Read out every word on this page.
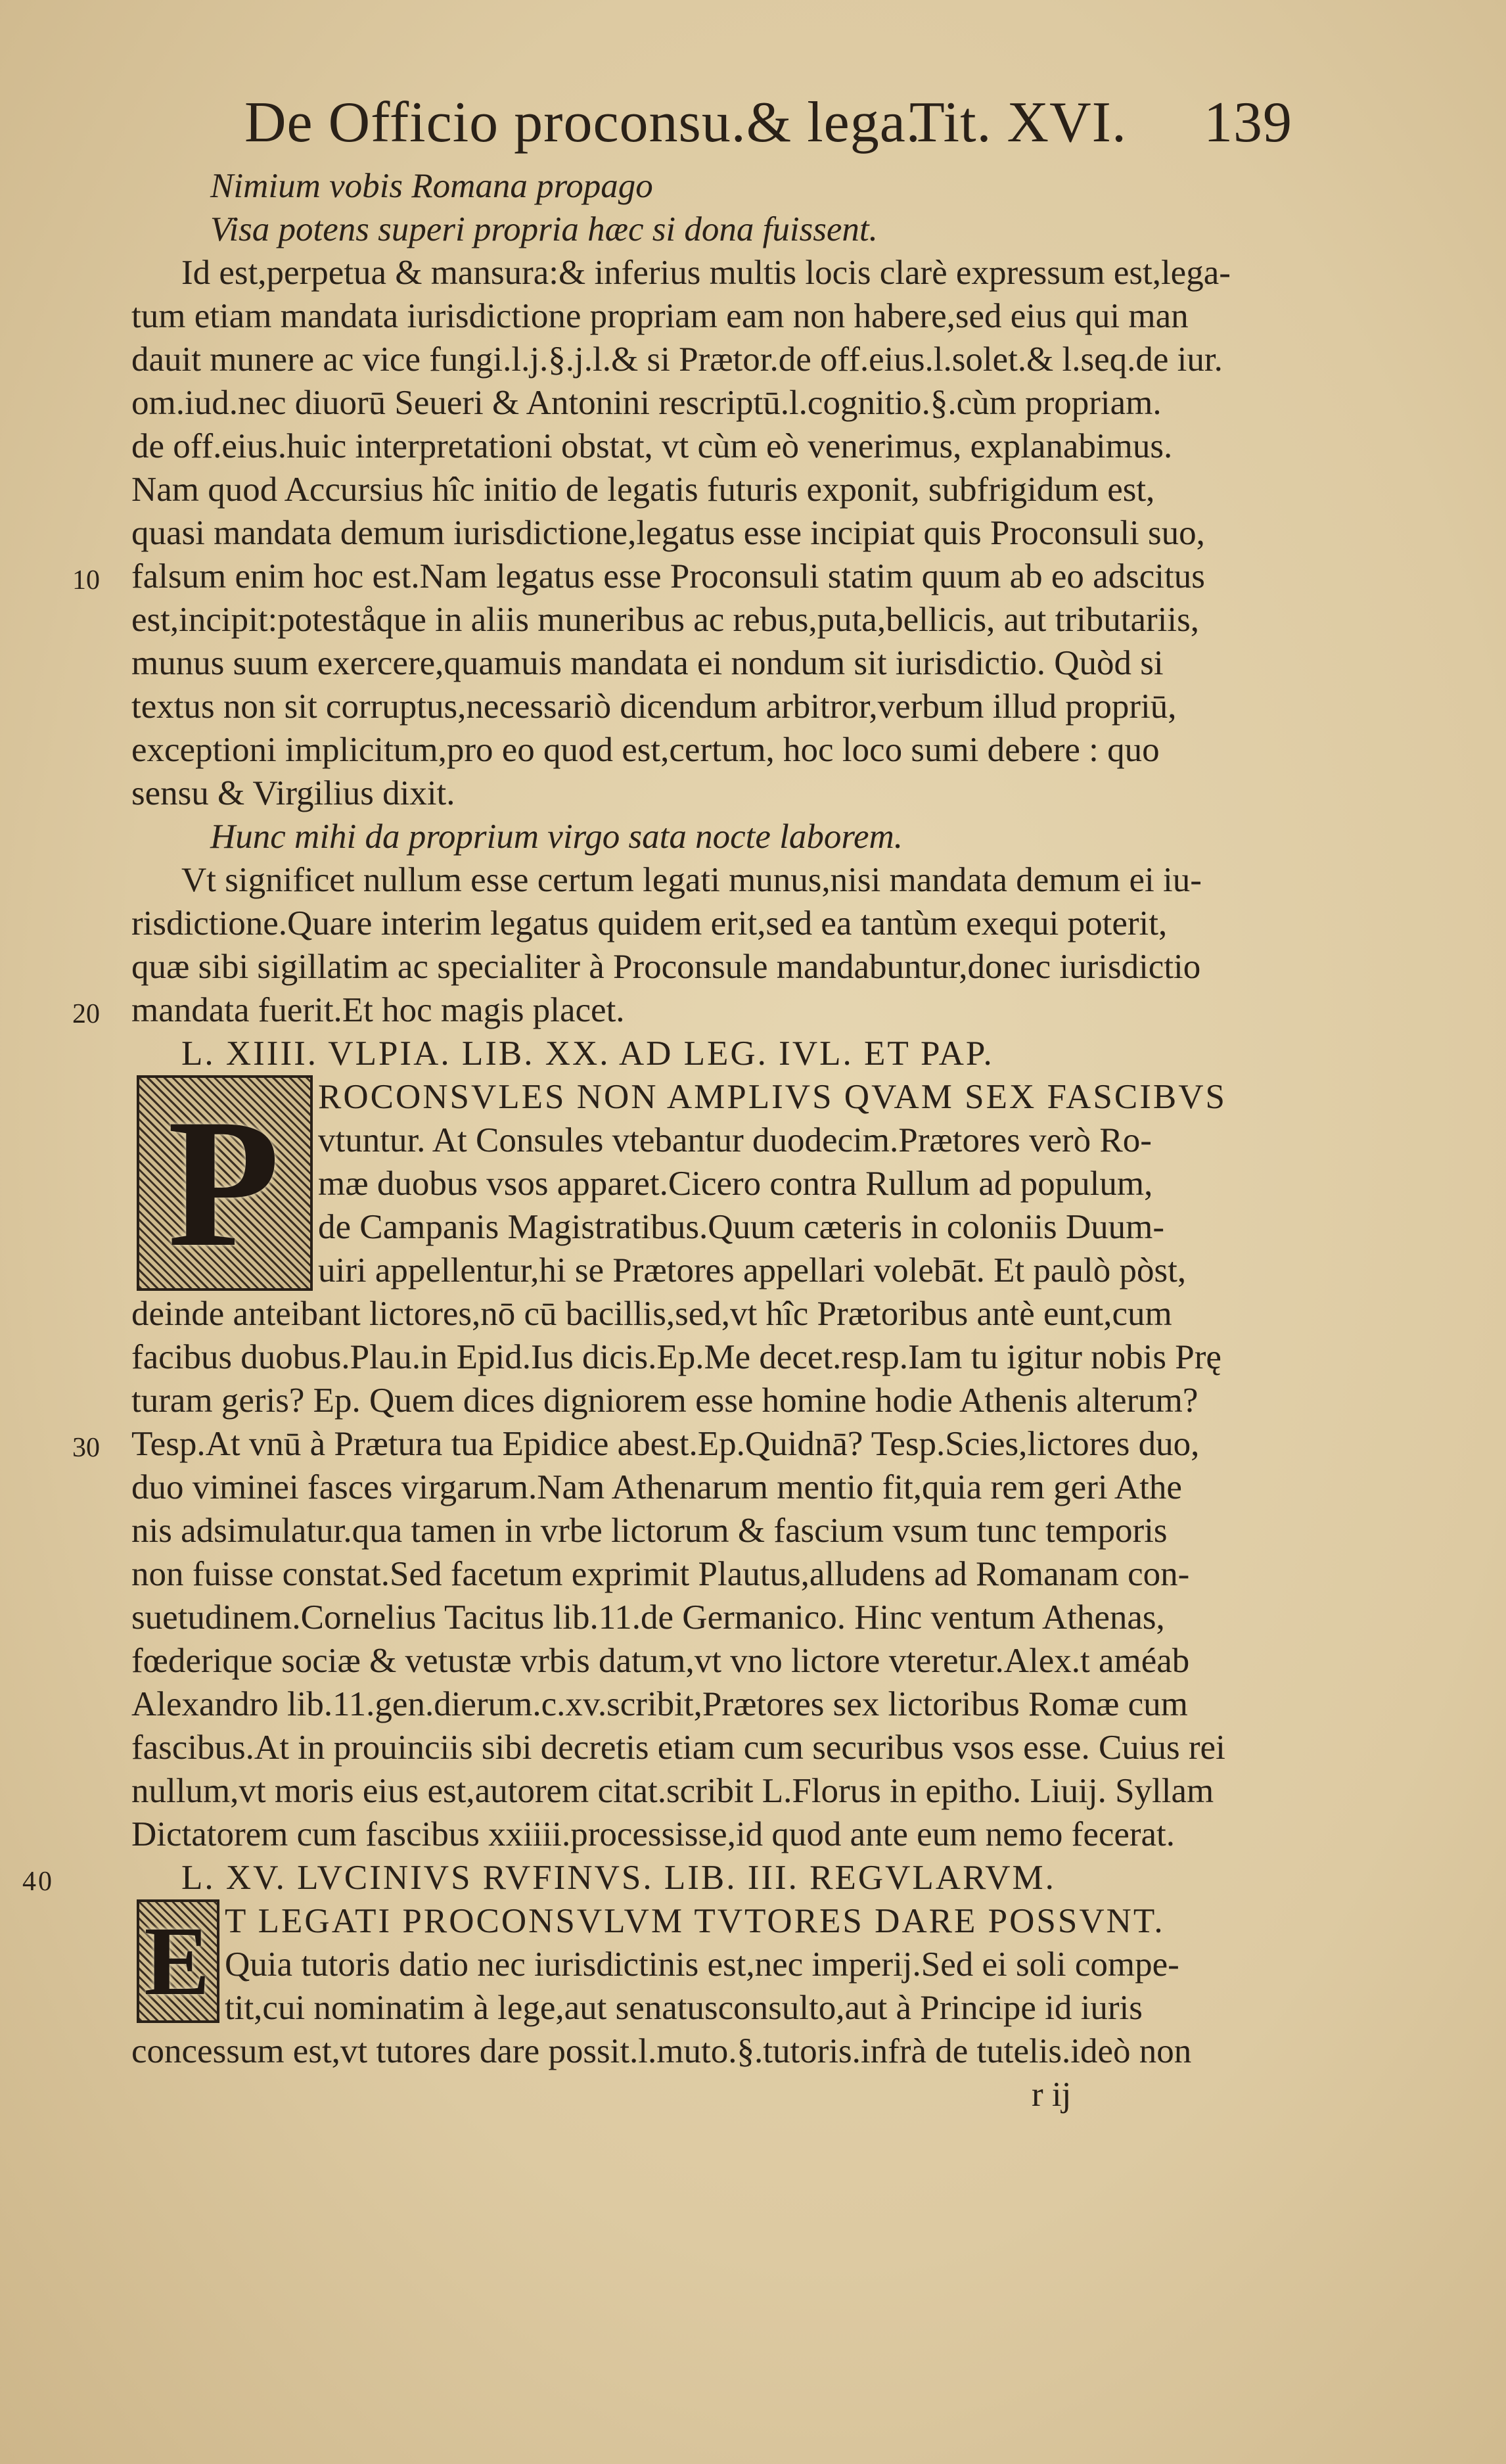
De Officio proconsu.& lega.
Tit. XVI. 139
Nimium vobis Romana propago
Visa potens superi propria hæc si dona fuissent.
Id est,perpetua & mansura:& inferius multis locis clarè expressum est,lega-
tum etiam mandata iurisdictione propriam eam non habere,sed eius qui man
dauit munere ac vice fungi.l.j.§.j.l.& si Prætor.de off.eius.l.solet.& l.seq.de iur.
om.iud.nec diuorū Seueri & Antonini rescriptū.l.cognitio.§.cùm propriam.
de off.eius.huic interpretationi obstat, vt cùm eò venerimus, explanabimus.
Nam quod Accursius hîc initio de legatis futuris exponit, subfrigidum est,
quasi mandata demum iurisdictione,legatus esse incipiat quis Proconsuli suo,
10 falsum enim hoc est.Nam legatus esse Proconsuli statim quum ab eo adscitus
est,incipit:poteståque in aliis muneribus ac rebus,puta,bellicis, aut tributariis,
munus suum exercere,quamuis mandata ei nondum sit iurisdictio. Quòd si
textus non sit corruptus,necessariò dicendum arbitror,verbum illud propriū,
exceptioni implicitum,pro eo quod est,certum, hoc loco sumi debere : quo
sensu & Virgilius dixit.
Hunc mihi da proprium virgo sata nocte laborem.
Vt significet nullum esse certum legati munus,nisi mandata demum ei iu-
risdictione.Quare interim legatus quidem erit,sed ea tantùm exequi poterit,
quæ sibi sigillatim ac specialiter à Proconsule mandabuntur,donec iurisdictio
20 mandata fuerit.Et hoc magis placet.
L. XIIII. VLPIA. LIB. XX. AD LEG. IVL. ET PAP.
P	ROCONSVLES NON AMPLIVS QVAM SEX FASCIBVS
vtuntur. At Consules vtebantur duodecim.Prætores verò Ro-
mæ duobus vsos apparet.Cicero contra Rullum ad populum,
de Campanis Magistratibus.Quum cæteris in coloniis Duum-
uiri appellentur,hi se Prætores appellari volebāt. Et paulò pòst,
deinde anteibant lictores,nō cū bacillis,sed,vt hîc Prætoribus antè eunt,cum
facibus duobus.Plau.in Epid.Ius dicis.Ep.Me decet.resp.Iam tu igitur nobis Prę
turam geris? Ep. Quem dices digniorem esse homine hodie Athenis alterum?
30 Tesp.At vnū à Prætura tua Epidice abest.Ep.Quidnā? Tesp.Scies,lictores duo,
duo viminei fasces virgarum.Nam Athenarum mentio fit,quia rem geri Athe
nis adsimulatur.qua tamen in vrbe lictorum & fascium vsum tunc temporis
non fuisse constat.Sed facetum exprimit Plautus,alludens ad Romanam con-
suetudinem.Cornelius Tacitus lib.11.de Germanico. Hinc ventum Athenas,
fœderique sociæ & vetustæ vrbis datum,vt vno lictore vteretur.Alex.t améab
Alexandro lib.11.gen.dierum.c.xv.scribit,Prætores sex lictoribus Romæ cum
fascibus.At in prouinciis sibi decretis etiam cum securibus vsos esse. Cuius rei
nullum,vt moris eius est,autorem citat.scribit L.Florus in epitho. Liuij. Syllam
Dictatorem cum fascibus xxiiii.processisse,id quod ante eum nemo fecerat.
40	L. XV. LVCINIVS RVFINVS. LIB. III. REGVLARVM.
E T LEGATI PROCONSVLVM TVTORES DARE POSSVNT.
Quia tutoris datio nec iurisdictinis est,nec imperij.Sed ei soli compe-
tit,cui nominatim à lege,aut senatusconsulto,aut à Principe id iuris
concessum est,vt tutores dare possit.l.muto.§.tutoris.infrà de tutelis.ideò non
r ij
